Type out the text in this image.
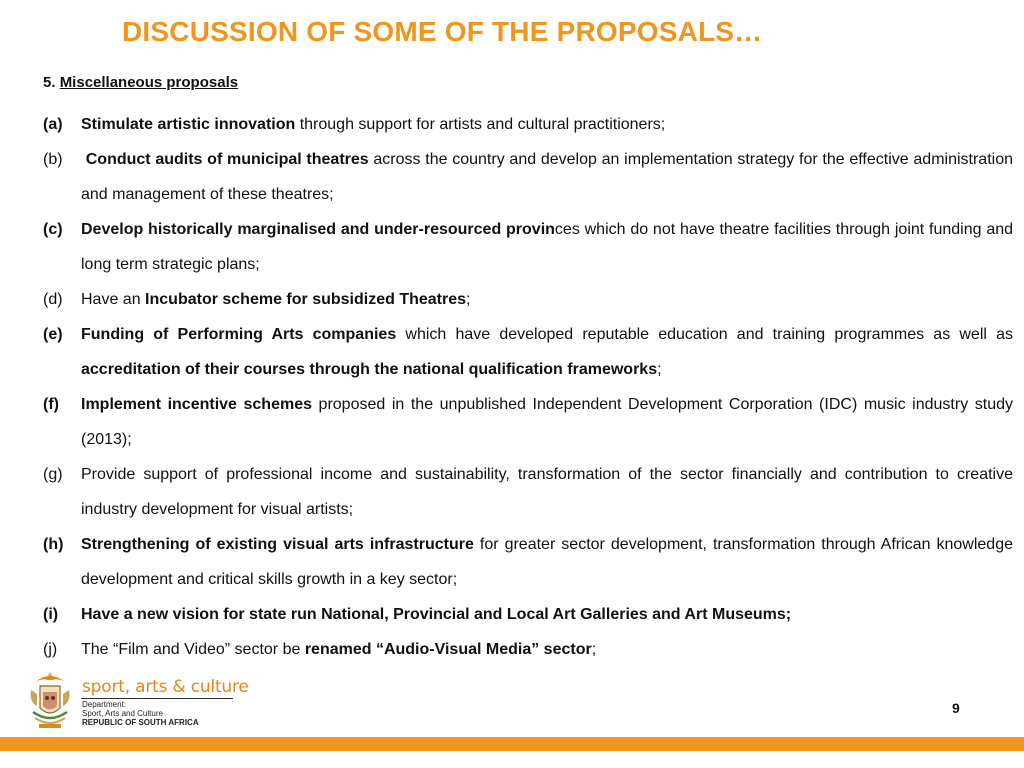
DISCUSSION OF SOME OF THE PROPOSALS…
5. Miscellaneous proposals
(a) Stimulate artistic innovation through support for artists and cultural practitioners;
(b) Conduct audits of municipal theatres across the country and develop an implementation strategy for the effective administration and management of these theatres;
(c) Develop historically marginalised and under-resourced provinces which do not have theatre facilities through joint funding and long term strategic plans;
(d) Have an Incubator scheme for subsidized Theatres;
(e) Funding of Performing Arts companies which have developed reputable education and training programmes as well as accreditation of their courses through the national qualification frameworks;
(f) Implement incentive schemes proposed in the unpublished Independent Development Corporation (IDC) music industry study (2013);
(g) Provide support of professional income and sustainability, transformation of the sector financially and contribution to creative industry development for visual artists;
(h) Strengthening of existing visual arts infrastructure for greater sector development, transformation through African knowledge development and critical skills growth in a key sector;
(i) Have a new vision for state run National, Provincial and Local Art Galleries and Art Museums;
(j) The “Film and Video” sector be renamed “Audio-Visual Media” sector;
sport, arts & culture
Department:
Sport, Arts and Culture
REPUBLIC OF SOUTH AFRICA
9
